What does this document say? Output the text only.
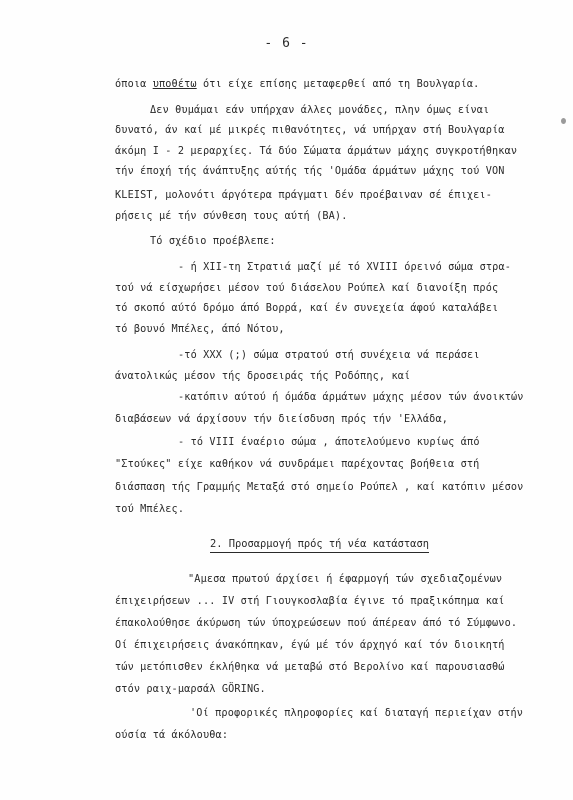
- 6 -
όποια υποθέτω ότι είχε επίσης μεταφερθεί από τη Βουλγαρία.
Δεν θυμάμαι εάν υπήρχαν άλλες μονάδες, πλην όμως είναι
δυνατό, άν καί μέ μικρές πιθανότητες, νά υπήρχαν στή Βουλγαρία
άκόμη Ι - 2 μεραρχίες. Τά δύο Σώματα άρμάτων μάχης συγκροτήθηκαν
τήν έποχή τής άνάπτυξης αύτής τής 'Ομάδα άρμάτων μάχης τού VON
KLEIST, μολονότι άργότερα πράγματι δέν προέβαιναν σέ έπιχει-
ρήσεις μέ τήν σύνθεση τους αύτή (ΒΑ).
Τό σχέδιο προέβλεπε:
- ή XII-τη Στρατιά μαζί μέ τό XVIII όρεινό σώμα στρα-
τού νά είσχωρήσει μέσον τού διάσελου Ρούπελ καί διανοίξη πρός
τό σκοπό αύτό δρόμο άπό Βορρά, καί έν συνεχεία άφού καταλάβει
τό βουνό Μπέλες, άπό Νότου,
-τό XXX (;) σώμα στρατού στή συνέχεια νά περάσει
άνατολικώς μέσον τής δροσειράς τής Ροδόπης, καί
-κατόπιν αύτού ή όμάδα άρμάτων μάχης μέσον τών άνοικτών
διαβάσεων νά άρχίσουν τήν διείσδυση πρός τήν 'Ελλάδα,
- τό VIII έναέριο σώμα , άποτελούμενο κυρίως άπό
"Στούκες" είχε καθήκον νά συνδράμει παρέχοντας βοήθεια στή
διάσπαση τής Γραμμής Μεταξά στό σημείο Ρούπελ , καί κατόπιν μέσον
τού Μπέλες.
2. Προσαρμογή πρός τή νέα κατάσταση
"Αμεσα πρωτού άρχίσει ή έφαρμογή τών σχεδιαζομένων
έπιχειρήσεων ... IV στή Γιουγκοσλαβία έγινε τό πραξικόπημα καί
έπακολούθησε άκύρωση τών ύποχρεώσεων πού άπέρεαν άπό τό Σύμφωνο.
Οί έπιχειρήσεις άνακόπηκαν, έγώ μέ τόν άρχηγό καί τόν διοικητή
τών μετόπισθεν έκλήθηκα νά μεταβώ στό Βερολίνο καί παρουσιασθώ
στόν ραιχ-μαρσάλ GÖRING.
'Οί προφορικές πληροφορίες καί διαταγή περιείχαν στήν
ούσία τά άκόλουθα:
